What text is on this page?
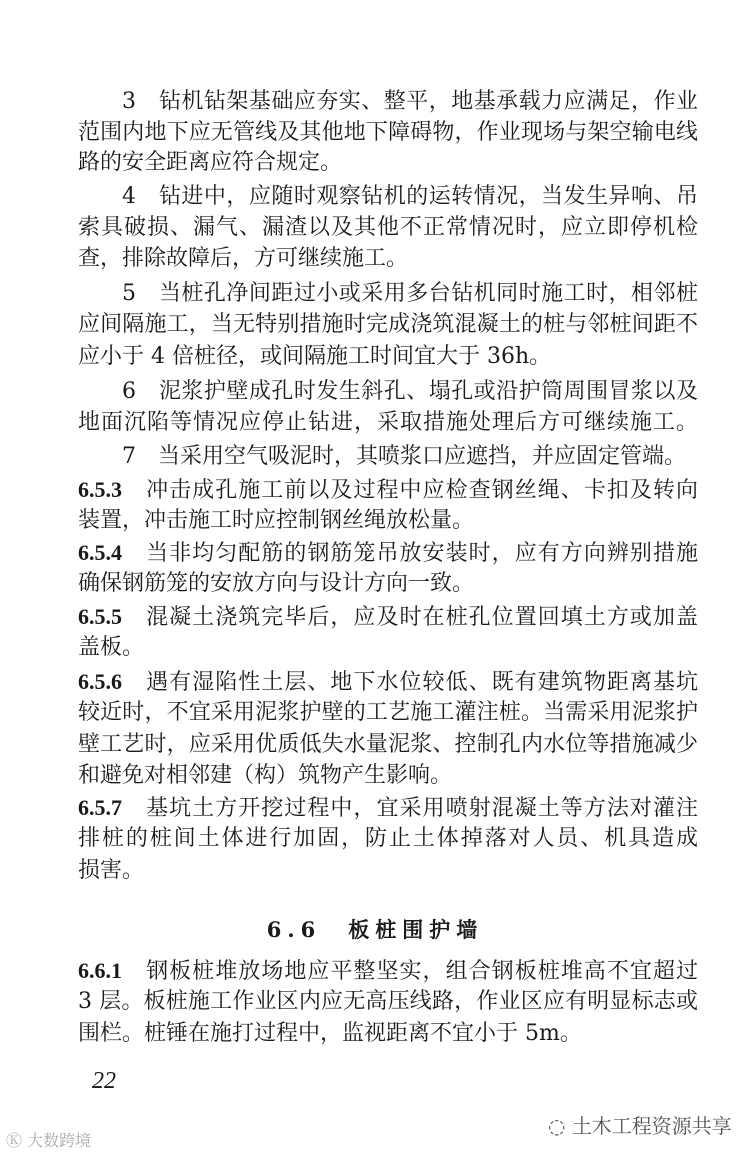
3　钻机钻架基础应夯实、整平，地基承载力应满足，作业
范围内地下应无管线及其他地下障碍物，作业现场与架空输电线
路的安全距离应符合规定。
4　钻进中，应随时观察钻机的运转情况，当发生异响、吊
索具破损、漏气、漏渣以及其他不正常情况时，应立即停机检
查，排除故障后，方可继续施工。
5　当桩孔净间距过小或采用多台钻机同时施工时，相邻桩
应间隔施工，当无特别措施时完成浇筑混凝土的桩与邻桩间距不
应小于 4 倍桩径，或间隔施工时间宜大于 36h。
6　泥浆护壁成孔时发生斜孔、塌孔或沿护筒周围冒浆以及
地面沉陷等情况应停止钻进，采取措施处理后方可继续施工。
7　当采用空气吸泥时，其喷浆口应遮挡，并应固定管端。
6.5.3　冲击成孔施工前以及过程中应检查钢丝绳、卡扣及转向
装置，冲击施工时应控制钢丝绳放松量。
6.5.4　当非均匀配筋的钢筋笼吊放安装时，应有方向辨别措施
确保钢筋笼的安放方向与设计方向一致。
6.5.5　混凝土浇筑完毕后，应及时在桩孔位置回填土方或加盖
盖板。
6.5.6　遇有湿陷性土层、地下水位较低、既有建筑物距离基坑
较近时，不宜采用泥浆护壁的工艺施工灌注桩。当需采用泥浆护
壁工艺时，应采用优质低失水量泥浆、控制孔内水位等措施减少
和避免对相邻建（构）筑物产生影响。
6.5.7　基坑土方开挖过程中，宜采用喷射混凝土等方法对灌注
排桩的桩间土体进行加固，防止土体掉落对人员、机具造成
损害。
6.6.1　钢板桩堆放场地应平整坚实，组合钢板桩堆高不宜超过
3 层。板桩施工作业区内应无高压线路，作业区应有明显标志或
围栏。桩锤在施打过程中，监视距离不宜小于 5m。
6.6　板桩围护墙
22
◌ 土木工程资源共享
Ⓚ 大数跨境
